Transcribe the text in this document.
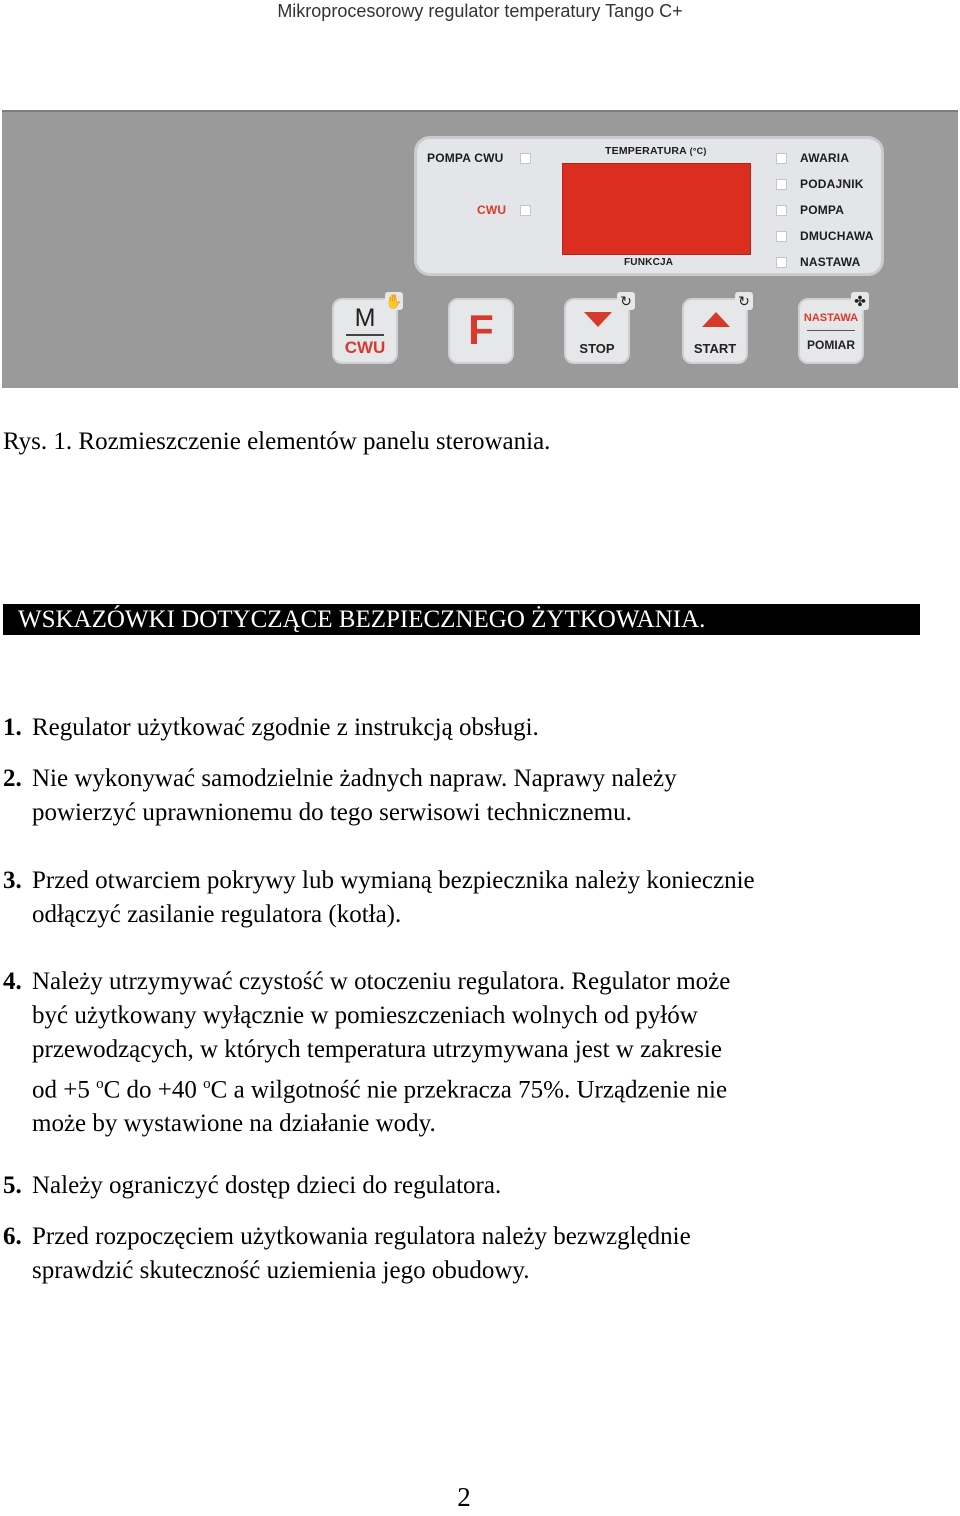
Mikroprocesorowy regulator temperatury Tango C+
POMPA CWU
CWU
TEMPERATURA (°C)
FUNKCJA
AWARIA
PODAJNIK
POMPA
DMUCHAWA
NASTAWA
M
CWU
✋
F	STOP
↻
START
↻
NASTAWA
POMIAR
✤
Rys. 1. Rozmieszczenie elementów panelu sterowania.
WSKAZÓWKI DOTYCZĄCE BEZPIECZNEGO ŻYTKOWANIA.
1. Regulator użytkować zgodnie z instrukcją obsługi.
2. Nie wykonywać samodzielnie żadnych napraw. Naprawy należy
powierzyć uprawnionemu do tego serwisowi technicznemu.
3. Przed otwarciem pokrywy lub wymianą bezpiecznika należy koniecznie
odłączyć zasilanie regulatora (kotła).
4. Należy utrzymywać czystość w otoczeniu regulatora. Regulator może
być użytkowany wyłącznie w pomieszczeniach wolnych od pyłów
przewodzących, w których temperatura utrzymywana jest w zakresie
od +5 $^o$C do +40 $^o$C a wilgotność nie przekracza 75%. Urządzenie nie
może by wystawione na działanie wody.
5. Należy ograniczyć dostęp dzieci do regulatora.
6. Przed rozpoczęciem użytkowania regulatora należy bezwzględnie
sprawdzić skuteczność uziemienia jego obudowy.
2
